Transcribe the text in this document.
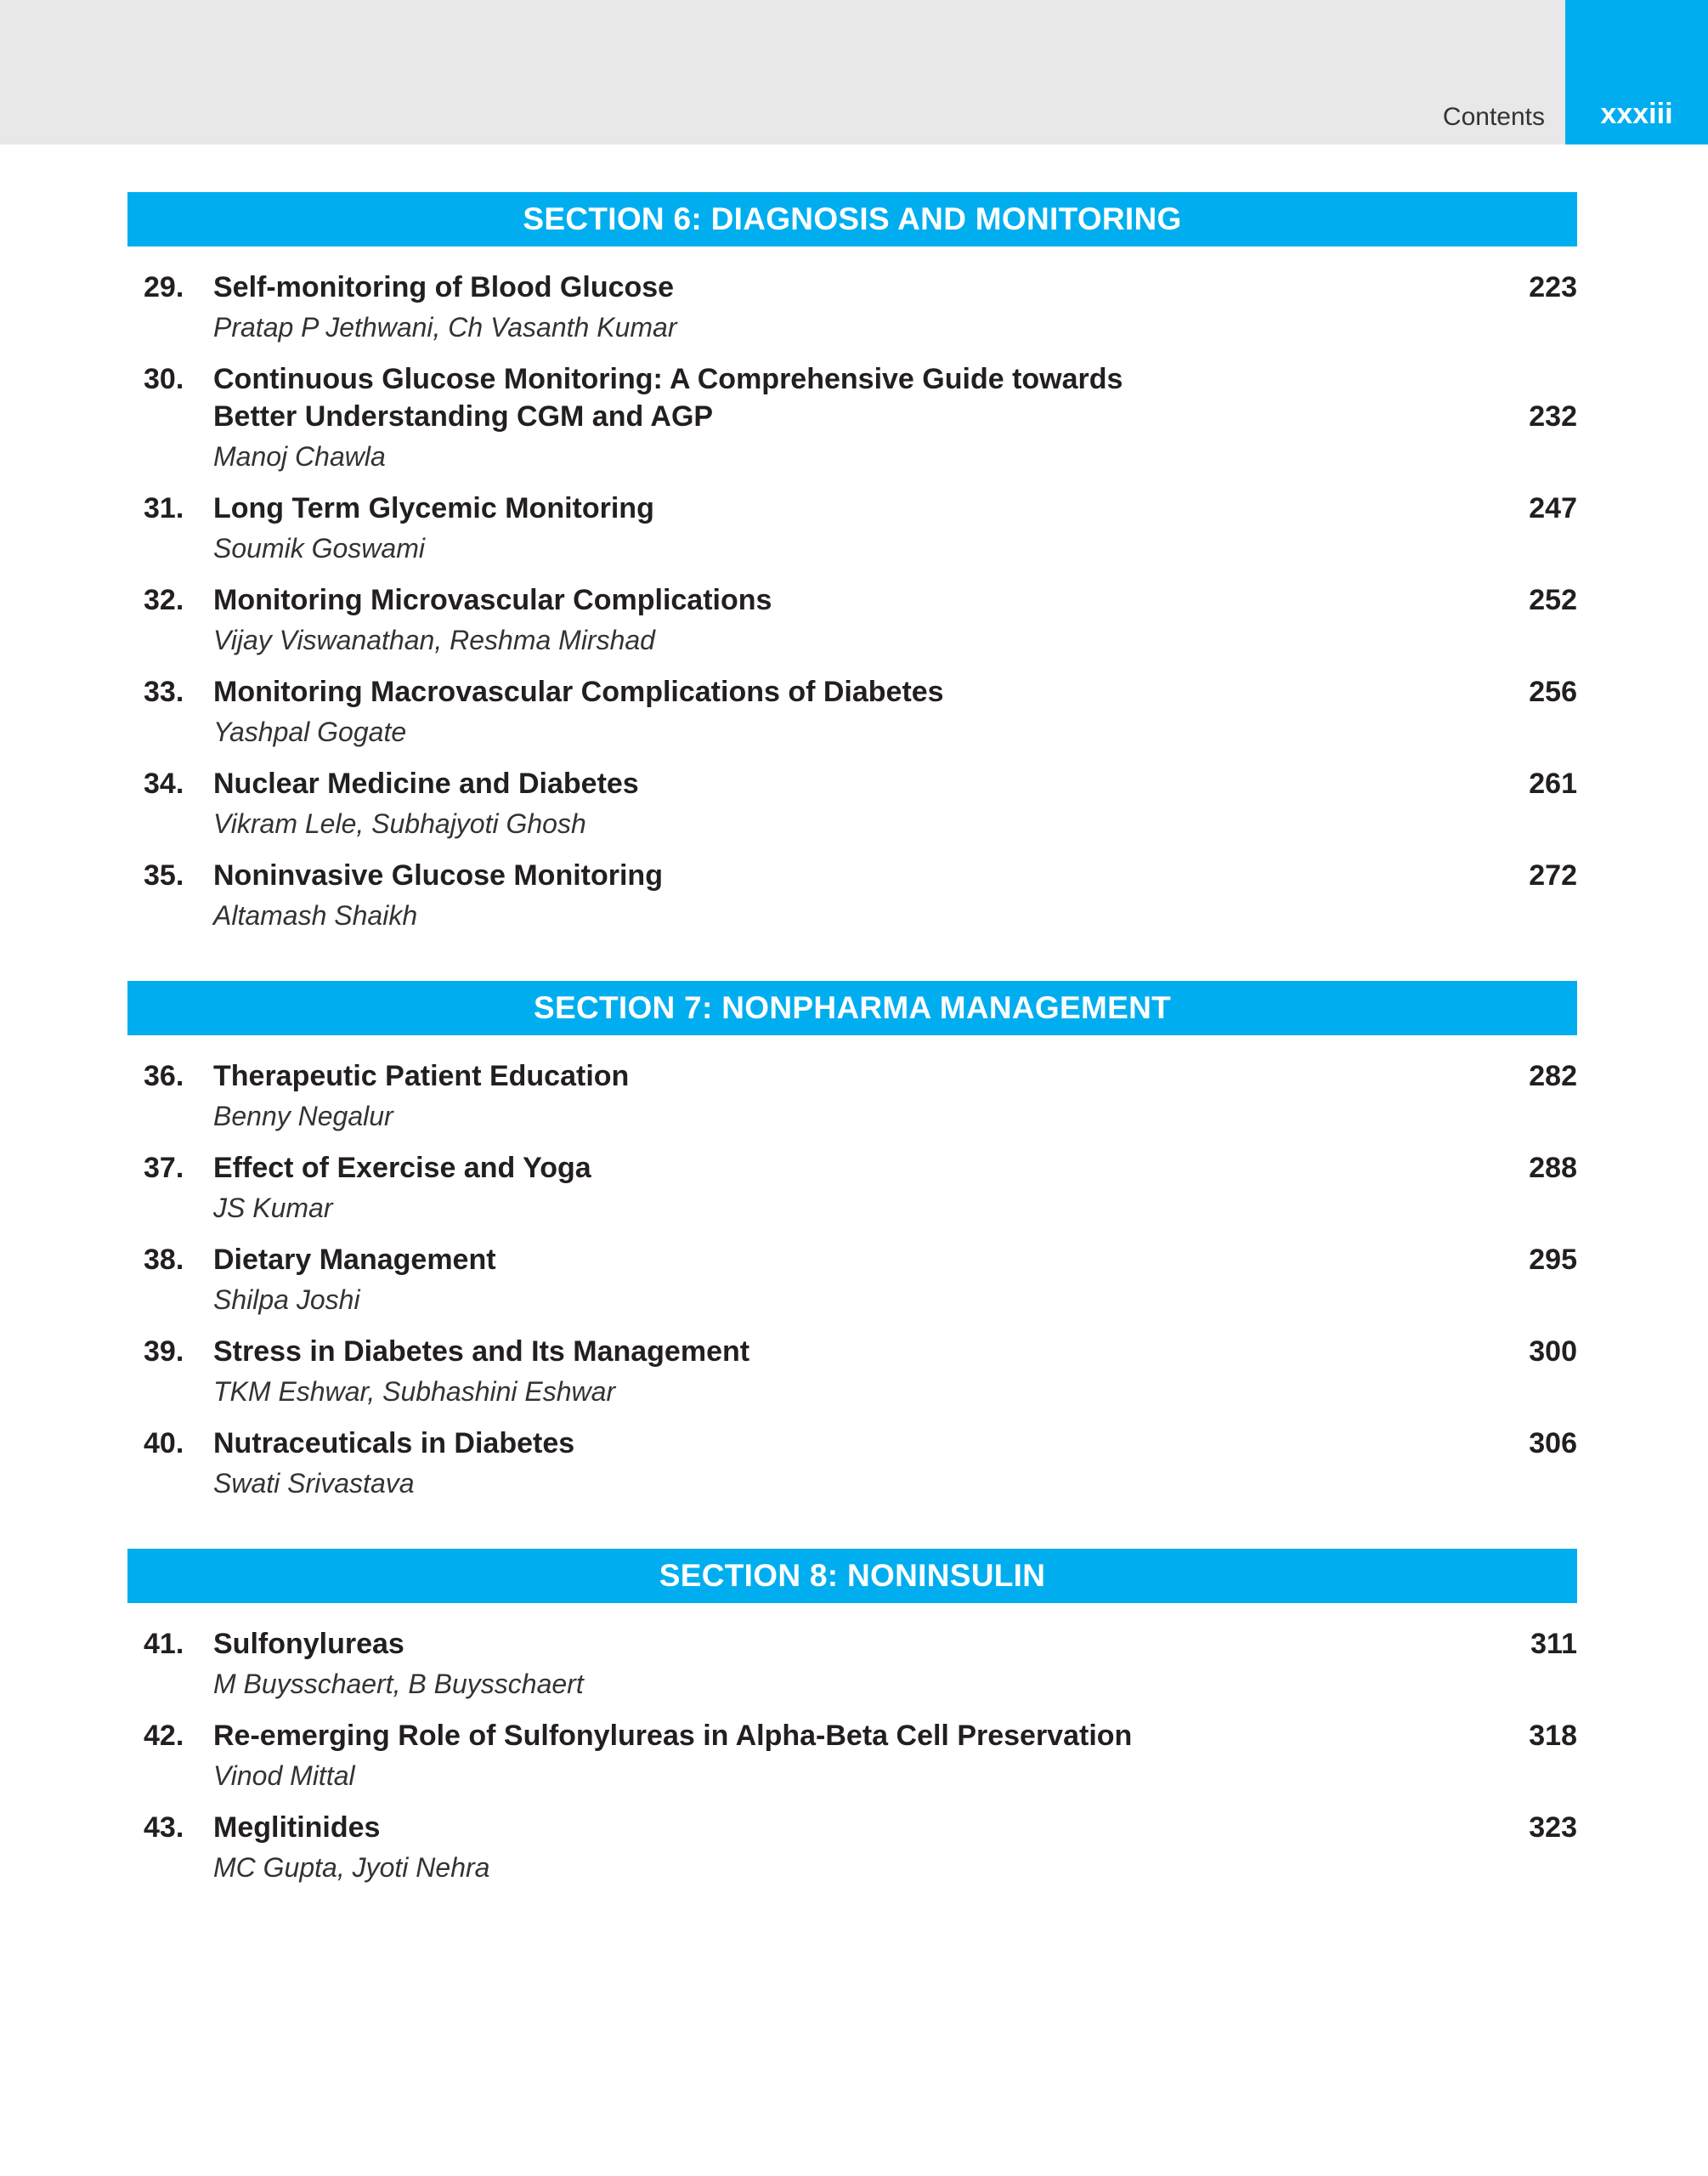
Contents	xxxiii
SECTION 6: DIAGNOSIS AND MONITORING
29. Self-monitoring of Blood Glucose
Pratap P Jethwani, Ch Vasanth Kumar
223
30. Continuous Glucose Monitoring: A Comprehensive Guide towards
Better Understanding CGM and AGP
Manoj Chawla
232
31. Long Term Glycemic Monitoring
Soumik Goswami
247
32. Monitoring Microvascular Complications
Vijay Viswanathan, Reshma Mirshad
252
33. Monitoring Macrovascular Complications of Diabetes
Yashpal Gogate
256
34. Nuclear Medicine and Diabetes
Vikram Lele, Subhajyoti Ghosh
261
35. Noninvasive Glucose Monitoring
Altamash Shaikh
272
SECTION 7: NONPHARMA MANAGEMENT
36. Therapeutic Patient Education
Benny Negalur
282
37. Effect of Exercise and Yoga
JS Kumar
288
38. Dietary Management
Shilpa Joshi
295
39. Stress in Diabetes and Its Management
TKM Eshwar, Subhashini Eshwar
300
40. Nutraceuticals in Diabetes
Swati Srivastava
306
SECTION 8: NONINSULIN
41. Sulfonylureas
M Buysschaert, B Buysschaert
311
42. Re-emerging Role of Sulfonylureas in Alpha-Beta Cell Preservation
Vinod Mittal
318
43. Meglitinides
MC Gupta, Jyoti Nehra
323
